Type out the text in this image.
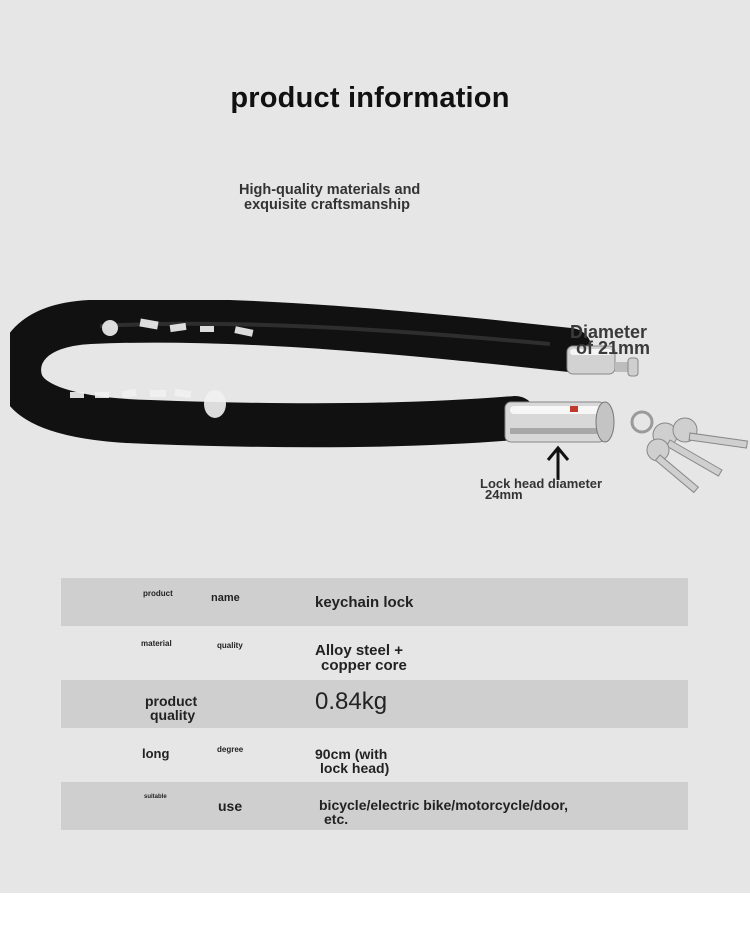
product information
High-quality materials and
exquisite craftsmanship
Diameter
of 21mm
Lock head diameter
24mm
product	name	keychain lock
material	quality	Alloy steel +
copper core
product
quality	0.84kg
long	degree	90cm (with
lock head)
suitable
use	bicycle/electric bike/motorcycle/door,
etc.
